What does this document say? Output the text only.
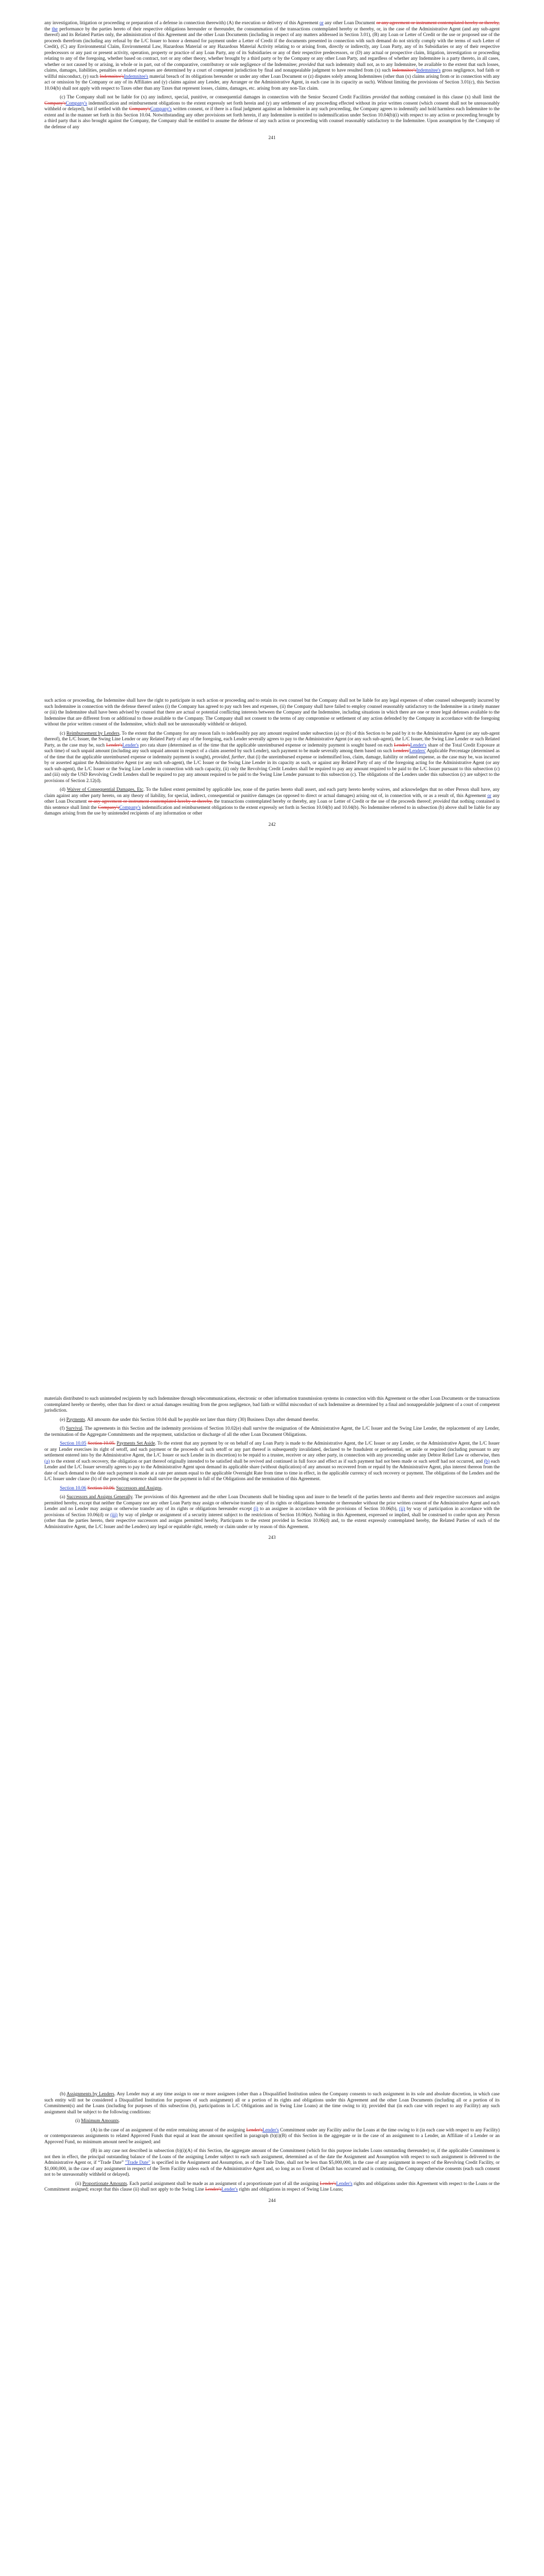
any investigation, litigation or proceeding or preparation of a defense in connection therewith) (A) the execution or delivery of this Agreement or any other Loan Document or any agreement or instrument contemplated hereby or thereby, the the performance by the parties hereto of their respective obligations hereunder or thereunder, the consummation of the transactions contemplated hereby or thereby, or, in the case of the Administrative Agent (and any sub-agent thereof) and its Related Parties only, the administration of this Agreement and the other Loan Documents (including in respect of any matters addressed in Section 3.01), (B) any Loan or Letter of Credit or the use or proposed use of the proceeds therefrom (including any refusal by the L/C Issuer to honor a demand for payment under a Letter of Credit if the documents presented in connection with such demand do not strictly comply with the terms of such Letter of Credit), (C) any Environmental Claim, Environmental Law, Hazardous Material or any Hazardous Material Activity relating to or arising from, directly or indirectly, any Loan Party, any of its Subsidiaries or any of their respective predecessors or any past or present activity, operation, property or practice of any Loan Party, any of its Subsidiaries or any of their respective predecessors, or (D) any actual or prospective claim, litigation, investigation or proceeding relating to any of the foregoing, whether based on contract, tort or any other theory, whether brought by a third party or by the Company or any other Loan Party, and regardless of whether any Indemnitee is a party thereto, in all cases, whether or not caused by or arising, in whole or in part, out of the comparative, contributory or sole negligence of the Indemnitee; provided that such indemnity shall not, as to any Indemnitee, be available to the extent that such losses, claims, damages, liabilities, penalties or related expenses are determined by a court of competent jurisdiction by final and nonappealable judgment to have resulted from (x) such Indemnitee'sIndemnitee's gross negligence, bad faith or willful misconduct, (y) such Indemnitee'sIndemnitee's material breach of its obligations hereunder or under any other Loan Document or (z) disputes solely among Indemnitees (other than (x) claims arising from or in connection with any act or omission by the Company or any of its Affiliates and (y) claims against any Lender, any Arranger or the Administrative Agent, in each case in its capacity as such). Without limiting the provisions of Section 3.01(c), this Section 10.04(b) shall not apply with respect to Taxes other than any Taxes that represent losses, claims, damages, etc. arising from any non-Tax claim.

(c) The Company shall not be liable for (x) any indirect, special, punitive, or consequential damages in connection with the Senior Secured Credit Facilities provided that nothing contained in this clause (x) shall limit the Company'sCompany's indemnification and reimbursement obligations to the extent expressly set forth herein and (y) any settlement of any proceeding effected without its prior written consent (which consent shall not be unreasonably withheld or delayed), but if settled with the Company'sCompany's written consent, or if there is a final judgment against an Indemnitee in any such proceeding, the Company agrees to indemnify and hold harmless each Indemnitee to the extent and in the manner set forth in this Section 10.04. Notwithstanding any other provisions set forth herein, if any Indemnitee is entitled to indemnification under Section 10.04(b)(i) with respect to any action or proceeding brought by a third party that is also brought against the Company, the Company shall be entitled to assume the defense of any such action or proceeding with counsel reasonably satisfactory to the Indemnitee. Upon assumption by the Company of the defense of any

241

such action or proceeding, the Indemnitee shall have the right to participate in such action or proceeding and to retain its own counsel but the Company shall not be liable for any legal expenses of other counsel subsequently incurred by such Indemnitee in connection with the defense thereof unless (i) the Company has agreed to pay such fees and expenses, (ii) the Company shall have failed to employ counsel reasonably satisfactory to the Indemnitee in a timely manner or (iii) the Indemnitee shall have been advised by counsel that there are actual or potential conflicting interests between the Company and the Indemnitee, including situations in which there are one or more legal defenses available to the Indemnitee that are different from or additional to those available to the Company. The Company shall not consent to the terms of any compromise or settlement of any action defended by the Company in accordance with the foregoing without the prior written consent of the Indemnitee, which shall not be unreasonably withheld or delayed.

(c) Reimbursement by Lenders. To the extent that the Company for any reason fails to indefeasibly pay any amount required under subsection (a) or (b) of this Section to be paid by it to the Administrative Agent (or any sub-agent thereof), the L/C Issuer, the Swing Line Lender or any Related Party of any of the foregoing, each Lender severally agrees to pay to the Administrative Agent (or any such sub-agent), the L/C Issuer, the Swing Line Lender or such Related Party, as the case may be, such Lender'sLender's pro rata share (determined as of the time that the applicable unreimbursed expense or indemnity payment is sought based on each Lender'sLender's share of the Total Credit Exposure at such time) of such unpaid amount (including any such unpaid amount in respect of a claim asserted by such Lender), such payment to be made severally among them based on such Lenders'Lenders' Applicable Percentage (determined as of the time that the applicable unreimbursed expense or indemnity payment is sought), provided, further, that (i) the unreimbursed expense or indemnified loss, claim, damage, liability or related expense, as the case may be, was incurred by or asserted against the Administrative Agent (or any such sub-agent), the L/C Issuer or the Swing Line Lender in its capacity as such, or against any Related Party of any of the foregoing acting for the Administrative Agent (or any such sub-agent), the L/C Issuer or the Swing Line Lender in connection with such capacity, (ii) only the Revolving Credit Lenders shall be required to pay any amount required to be paid to the L/C Issuer pursuant to this subsection (c) and (iii) only the USD Revolving Credit Lenders shall be required to pay any amount required to be paid to the Swing Line Lender pursuant to this subsection (c). The obligations of the Lenders under this subsection (c) are subject to the provisions of Section 2.12(d).

(d) Waiver of Consequential Damages, Etc. To the fullest extent permitted by applicable law, none of the parties hereto shall assert, and each party hereto hereby waives, and acknowledges that no other Person shall have, any claim against any other party hereto, on any theory of liability, for special, indirect, consequential or punitive damages (as opposed to direct or actual damages) arising out of, in connection with, or as a result of, this Agreement or any other Loan Document or any agreement or instrument contemplated hereby or thereby, the transactions contemplated hereby or thereby, any Loan or Letter of Credit or the use of the proceeds thereof; provided that nothing contained in this sentence shall limit the Company'sCompany's indemnification and reimbursement obligations to the extent expressly set forth in Section 10.04(b) and 10.04(b). No Indemnitee referred to in subsection (b) above shall be liable for any damages arising from the use by unintended recipients of any information or other

242

materials distributed to such unintended recipients by such Indemnitee through telecommunications, electronic or other information transmission systems in connection with this Agreement or the other Loan Documents or the transactions contemplated hereby or thereby, other than for direct or actual damages resulting from the gross negligence, bad faith or willful misconduct of such Indemnitee as determined by a final and nonappealable judgment of a court of competent jurisdiction.

(e) Payments. All amounts due under this Section 10.04 shall be payable not later than thirty (30) Business Days after demand therefor.

(f) Survival. The agreements in this Section and the indemnity provisions of Section 10.02(e) shall survive the resignation of the Administrative Agent, the L/C Issuer and the Swing Line Lender, the replacement of any Lender, the termination of the Aggregate Commitments and the repayment, satisfaction or discharge of all the other Loan Document Obligations.

Section 10.05 Section 10.05. Payments Set Aside. To the extent that any payment by or on behalf of any Loan Party is made to the Administrative Agent, the L/C Issuer or any Lender, or the Administrative Agent, the L/C Issuer or any Lender exercises its right of setoff, and such payment or the proceeds of such setoff or any part thereof is subsequently invalidated, declared to be fraudulent or preferential, set aside or required (including pursuant to any settlement entered into by the Administrative Agent, the L/C Issuer or such Lender in its discretion) to be repaid to a trustee, receiver or any other party, in connection with any proceeding under any Debtor Relief Law or otherwise, then (a) to the extent of such recovery, the obligation or part thereof originally intended to be satisfied shall be revived and continued in full force and effect as if such payment had not been made or such setoff had not occurred, and (b) each Lender and the L/C Issuer severally agrees to pay to the Administrative Agent upon demand its applicable share (without duplication) of any amount so recovered from or repaid by the Administrative Agent, plus interest thereon from the date of such demand to the date such payment is made at a rate per annum equal to the applicable Overnight Rate from time to time in effect, in the applicable currency of such recovery or payment. The obligations of the Lenders and the L/C Issuer under clause (b) of the preceding sentence shall survive the payment in full of the Obligations and the termination of this Agreement.

Section 10.06 Section 10.06. Successors and Assigns.

(a) Successors and Assigns Generally. The provisions of this Agreement and the other Loan Documents shall be binding upon and inure to the benefit of the parties hereto and thereto and their respective successors and assigns permitted hereby, except that neither the Company nor any other Loan Party may assign or otherwise transfer any of its rights or obligations hereunder or thereunder without the prior written consent of the Administrative Agent and each Lender and no Lender may assign or otherwise transfer any of its rights or obligations hereunder except (i) to an assignee in accordance with the provisions of Section 10.06(b), (ii) by way of participation in accordance with the provisions of Section 10.06(d) or (iii) by way of pledge or assignment of a security interest subject to the restrictions of Section 10.06(e). Nothing in this Agreement, expressed or implied, shall be construed to confer upon any Person (other than the parties hereto, their respective successors and assigns permitted hereby, Participants to the extent provided in Section 10.06(d) and, to the extent expressly contemplated hereby, the Related Parties of each of the Administrative Agent, the L/C Issuer and the Lenders) any legal or equitable right, remedy or claim under or by reason of this Agreement.

243

(b) Assignments by Lenders. Any Lender may at any time assign to one or more assignees (other than a Disqualified Institution unless the Company consents to such assignment in its sole and absolute discretion, in which case such entity will not be considered a Disqualified Institution for purposes of such assignment) all or a portion of its rights and obligations under this Agreement and the other Loan Documents (including all or a portion of its Commitment(s) and the Loans (including for purposes of this subsection (b), participations in L/C Obligations and in Swing Line Loans) at the time owing to it); provided that (in each case with respect to any Facility) any such assignment shall be subject to the following conditions:

(i) Minimum Amounts.

(A) in the case of an assignment of the entire remaining amount of the assigning Lender'sLender's Commitment under any Facility and/or the Loans at the time owing to it (in each case with respect to any Facility) or contemporaneous assignments to related Approved Funds that equal at least the amount specified in paragraph (b)(i)(B) of this Section in the aggregate or in the case of an assignment to a Lender, an Affiliate of a Lender or an Approved Fund, no minimum amount need be assigned; and

(B) in any case not described in subsection (b)(i)(A) of this Section, the aggregate amount of the Commitment (which for this purpose includes Loans outstanding thereunder) or, if the applicable Commitment is not then in effect, the principal outstanding balance of the Loans of the assigning Lender subject to each such assignment, determined as of the date the Assignment and Assumption with respect to such assignment is delivered to the Administrative Agent or, if “Trade Date” "Trade Date" is specified in the Assignment and Assumption, as of the Trade Date, shall not be less than $5,000,000, in the case of any assignment in respect of the Revolving Credit Facility, or $1,000,000, in the case of any assignment in respect of the Term Facility unless each of the Administrative Agent and, so long as no Event of Default has occurred and is continuing, the Company otherwise consents (each such consent not to be unreasonably withheld or delayed).

(ii) Proportionate Amounts. Each partial assignment shall be made as an assignment of a proportionate part of all the assigning Lender'sLender's rights and obligations under this Agreement with respect to the Loans or the Commitment assigned; except that this clause (ii) shall not apply to the Swing Line Lender'sLender's rights and obligations in respect of Swing Line Loans;

244
